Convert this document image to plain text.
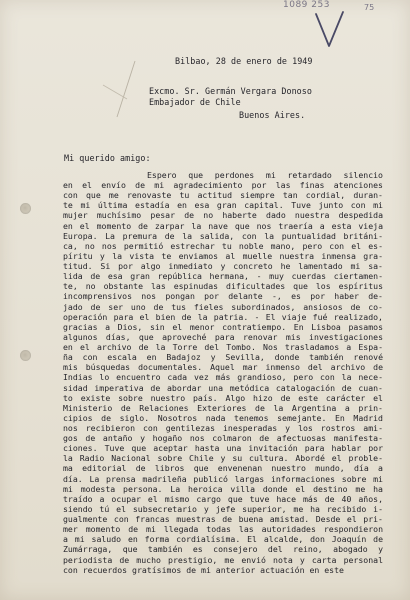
1089 253	75
Bilbao, 28 de enero de 1949
Excmo. Sr. Germán Vergara Donoso
Embajador de Chile
Buenos Aires.
Mi querido amigo:
Espero que perdones mi retardado silencio
en el envío de mi agradecimiento por las finas atenciones
con que me renovaste tu actitud siempre tan cordial, duran-
te mi última estadía en esa gran capital. Tuve junto con mi
mujer muchísimo pesar de no haberte dado nuestra despedida
en el momento de zarpar la nave que nos traería a esta vieja
Europa. La premura de la salida, con la puntualidad británi-
ca, no nos permitió estrechar tu noble mano, pero con el es-
píritu y la vista te enviamos al muelle nuestra inmensa gra-
titud. Si por algo inmediato y concreto he lamentado mi sa-
lida de esa gran república hermana, - muy cuerdas ciertamen-
te, no obstante las espinudas dificultades que los espíritus
incomprensivos nos pongan por delante -, es por haber de-
jado de ser uno de tus fieles subordinados, ansiosos de co-
operación para el bien de la patria. - El viaje fué realizado,
gracias a Dios, sin el menor contratiempo. En Lisboa pasamos
algunos días, que aproveché para renovar mis investigaciones
en el archivo de la Torre del Tombo. Nos trasladamos a Espa-
ña con escala en Badajoz y Sevilla, donde también renové
mis búsquedas documentales. Aquel mar inmenso del archivo de
Indias lo encuentro cada vez más grandioso, pero con la nece-
sidad imperativa de abordar una metódica catalogación de cuan-
to existe sobre nuestro país. Algo hizo de este carácter el
Ministerio de Relaciones Exteriores de la Argentina a prin-
cipios de siglo. Nosotros nada tenemos semejante. En Madrid
nos recibieron con gentilezas inesperadas y los rostros ami-
gos de antaño y hogaño nos colmaron de afectuosas manifesta-
ciones. Tuve que aceptar hasta una invitación para hablar por
la Radio Nacional sobre Chile y su cultura. Abordé el proble-
ma editorial de libros que envenenan nuestro mundo, día a
día. La prensa madrileña publicó largas informaciones sobre mi
mi modesta persona. La heroica villa donde el destino me ha
traído a ocupar el mismo cargo que tuve hace más de 40 años,
siendo tú el subsecretario y jefe superior, me ha recibido i-
gualmente con francas muestras de buena amistad. Desde el pri-
mer momento de mi llegada todas las autoridades respondieron
a mi saludo en forma cordialísima. El alcalde, don Joaquín de
Zumárraga, que también es consejero del reino, abogado y
periodista de mucho prestigio, me envió nota y carta personal
con recuerdos gratísimos de mi anterior actuación en este
